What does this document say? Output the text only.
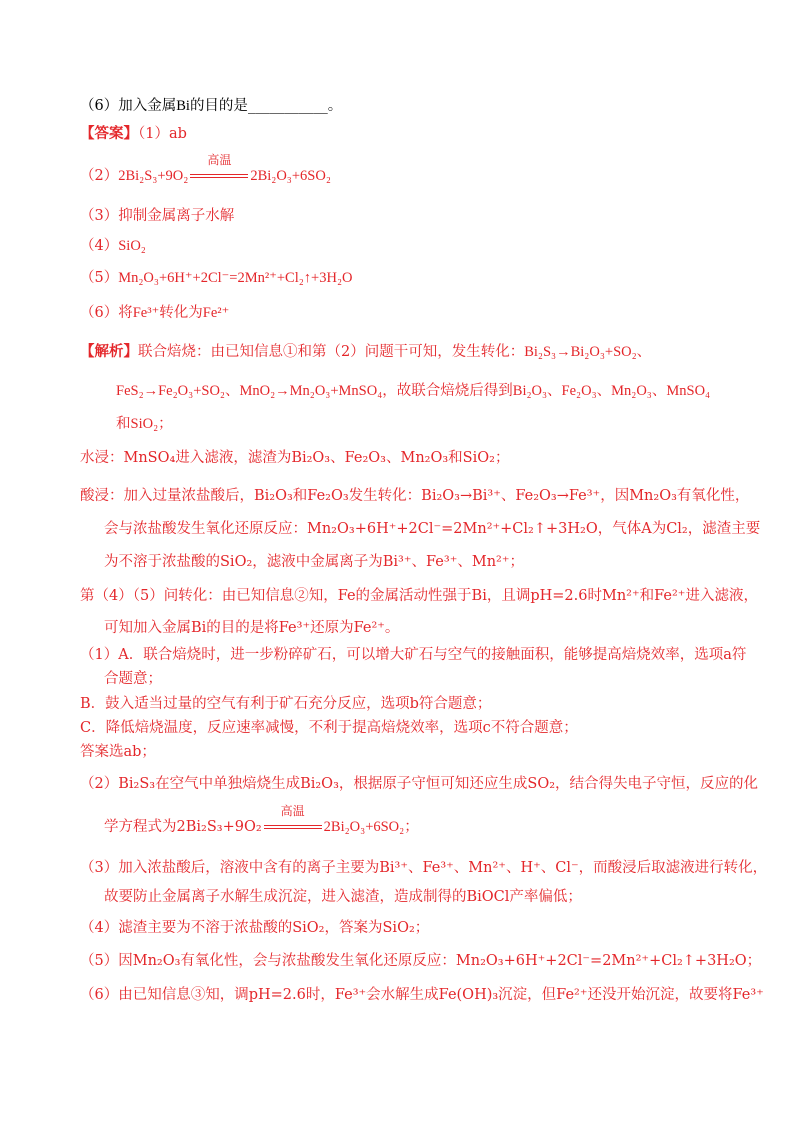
（6）加入金属Bi的目的是___________。
【答案】（1）ab
（2）2Bi₂S₃+9O₂
高温
2Bi₂O₃+6SO₂
（3）抑制金属离子水解
（4）SiO₂
（5）Mn₂O₃+6H⁺+2Cl⁻=2Mn²⁺+Cl₂↑+3H₂O
（6）将Fe³⁺转化为Fe²⁺
【解析】联合焙烧：由已知信息①和第（2）问题干可知，发生转化：Bi₂S₃→Bi₂O₃+SO₂、
FeS₂→Fe₂O₃+SO₂、MnO₂→Mn₂O₃+MnSO₄，故联合焙烧后得到Bi₂O₃、Fe₂O₃、Mn₂O₃、MnSO₄
和SiO₂；
水浸：MnSO₄进入滤液，滤渣为Bi₂O₃、Fe₂O₃、Mn₂O₃和SiO₂；
酸浸：加入过量浓盐酸后，Bi₂O₃和Fe₂O₃发生转化：Bi₂O₃→Bi³⁺、Fe₂O₃→Fe³⁺，因Mn₂O₃有氧化性，
会与浓盐酸发生氧化还原反应：Mn₂O₃+6H⁺+2Cl⁻=2Mn²⁺+Cl₂↑+3H₂O，气体A为Cl₂，滤渣主要
为不溶于浓盐酸的SiO₂，滤液中金属离子为Bi³⁺、Fe³⁺、Mn²⁺；
第（4）（5）问转化：由已知信息②知，Fe的金属活动性强于Bi，且调pH=2.6时Mn²⁺和Fe²⁺进入滤液，
可知加入金属Bi的目的是将Fe³⁺还原为Fe²⁺。
（1）A．联合焙烧时，进一步粉碎矿石，可以增大矿石与空气的接触面积，能够提高焙烧效率，选项a符
合题意；
B．鼓入适当过量的空气有利于矿石充分反应，选项b符合题意；
C．降低焙烧温度，反应速率减慢，不利于提高焙烧效率，选项c不符合题意；
答案选ab；
（2）Bi₂S₃在空气中单独焙烧生成Bi₂O₃，根据原子守恒可知还应生成SO₂，结合得失电子守恒，反应的化
学方程式为2Bi₂S₃+9O₂
高温
2Bi₂O₃+6SO₂；
（3）加入浓盐酸后，溶液中含有的离子主要为Bi³⁺、Fe³⁺、Mn²⁺、H⁺、Cl⁻，而酸浸后取滤液进行转化，
故要防止金属离子水解生成沉淀，进入滤渣，造成制得的BiOCl产率偏低；
（4）滤渣主要为不溶于浓盐酸的SiO₂，答案为SiO₂；
（5）因Mn₂O₃有氧化性，会与浓盐酸发生氧化还原反应：Mn₂O₃+6H⁺+2Cl⁻=2Mn²⁺+Cl₂↑+3H₂O；
（6）由已知信息③知，调pH=2.6时，Fe³⁺会水解生成Fe(OH)₃沉淀，但Fe²⁺还没开始沉淀，故要将Fe³⁺
